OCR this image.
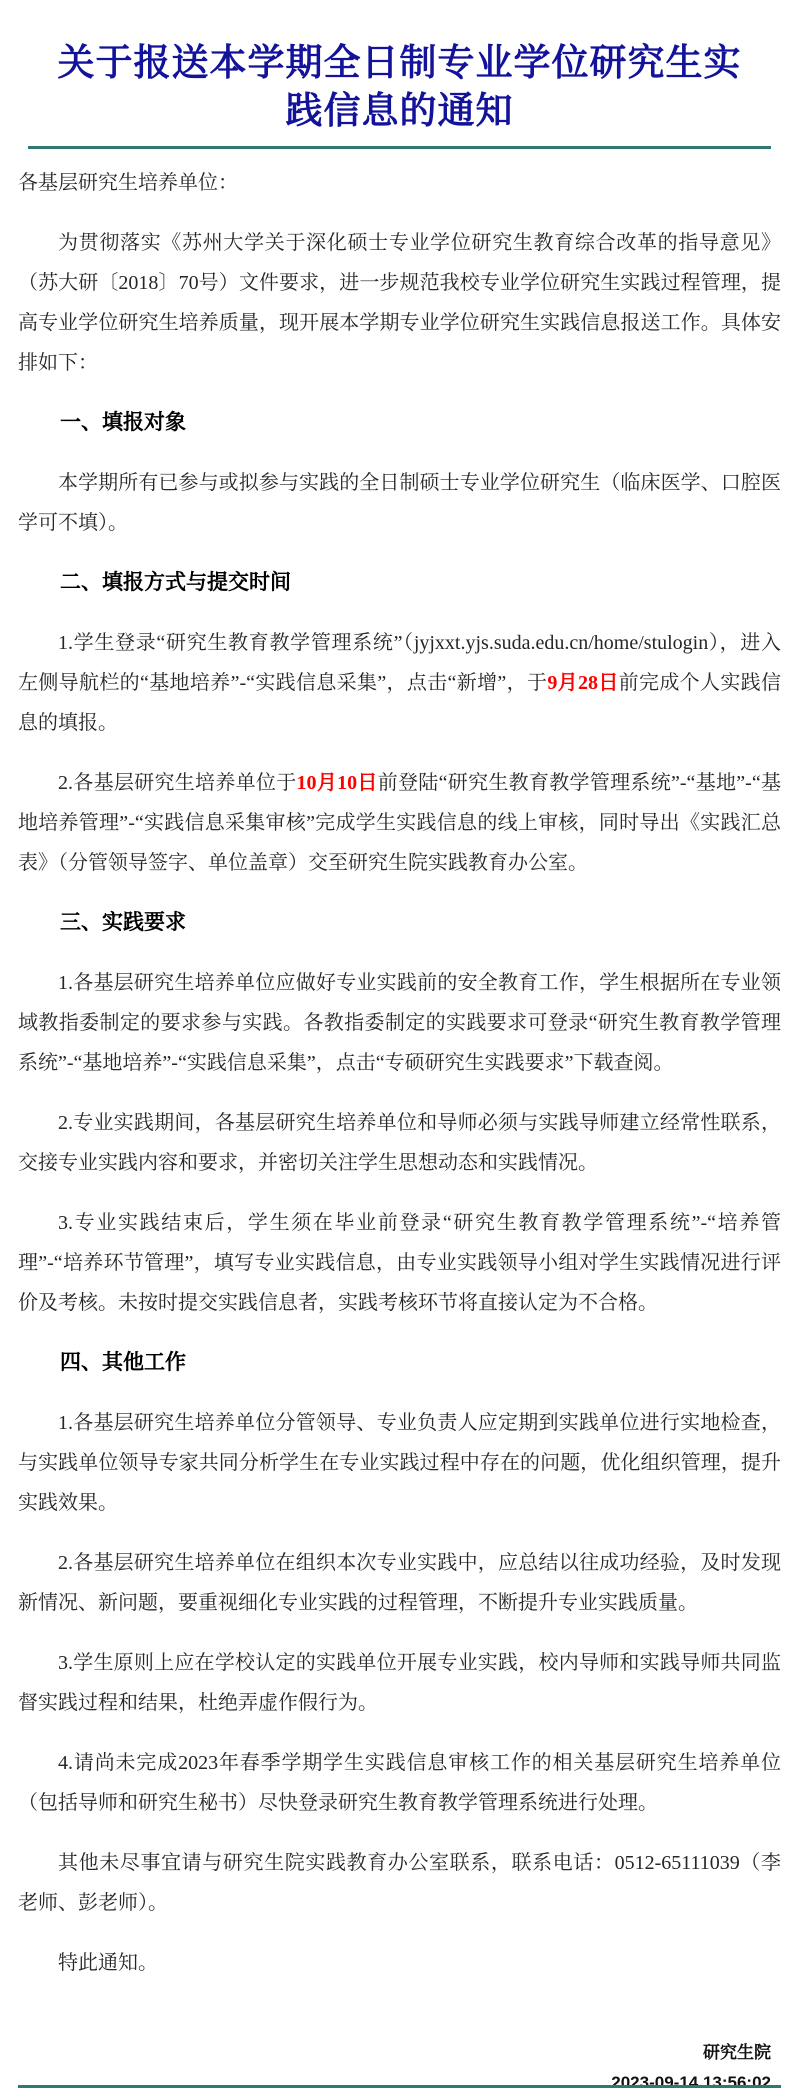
关于报送本学期全日制专业学位研究生实践信息的通知

各基层研究生培养单位：

为贯彻落实《苏州大学关于深化硕士专业学位研究生教育综合改革的指导意见》（苏大研〔2018〕70号）文件要求，进一步规范我校专业学位研究生实践过程管理，提高专业学位研究生培养质量，现开展本学期专业学位研究生实践信息报送工作。具体安排如下：

一、填报对象

本学期所有已参与或拟参与实践的全日制硕士专业学位研究生（临床医学、口腔医学可不填）。

二、填报方式与提交时间

1.学生登录“研究生教育教学管理系统”（jyjxxt.yjs.suda.edu.cn/home/stulogin），进入左侧导航栏的“基地培养”-“实践信息采集”，点击“新增”，于9月28日前完成个人实践信息的填报。

2.各基层研究生培养单位于10月10日前登陆“研究生教育教学管理系统”-“基地”-“基地培养管理”-“实践信息采集审核”完成学生实践信息的线上审核，同时导出《实践汇总表》（分管领导签字、单位盖章）交至研究生院实践教育办公室。

三、实践要求

1.各基层研究生培养单位应做好专业实践前的安全教育工作，学生根据所在专业领域教指委制定的要求参与实践。各教指委制定的实践要求可登录“研究生教育教学管理系统”-“基地培养”-“实践信息采集”，点击“专硕研究生实践要求”下载查阅。

2.专业实践期间，各基层研究生培养单位和导师必须与实践导师建立经常性联系，交接专业实践内容和要求，并密切关注学生思想动态和实践情况。

3.专业实践结束后，学生须在毕业前登录“研究生教育教学管理系统”-“培养管理”-“培养环节管理”，填写专业实践信息，由专业实践领导小组对学生实践情况进行评价及考核。未按时提交实践信息者，实践考核环节将直接认定为不合格。

四、其他工作

1.各基层研究生培养单位分管领导、专业负责人应定期到实践单位进行实地检查，与实践单位领导专家共同分析学生在专业实践过程中存在的问题，优化组织管理，提升实践效果。

2.各基层研究生培养单位在组织本次专业实践中，应总结以往成功经验，及时发现新情况、新问题，要重视细化专业实践的过程管理，不断提升专业实践质量。

3.学生原则上应在学校认定的实践单位开展专业实践，校内导师和实践导师共同监督实践过程和结果，杜绝弄虚作假行为。

4.请尚未完成2023年春季学期学生实践信息审核工作的相关基层研究生培养单位（包括导师和研究生秘书）尽快登录研究生教育教学管理系统进行处理。

其他未尽事宜请与研究生院实践教育办公室联系，联系电话：0512-65111039（李老师、彭老师）。

特此通知。

研究生院
2023-09-14 13:56:02
